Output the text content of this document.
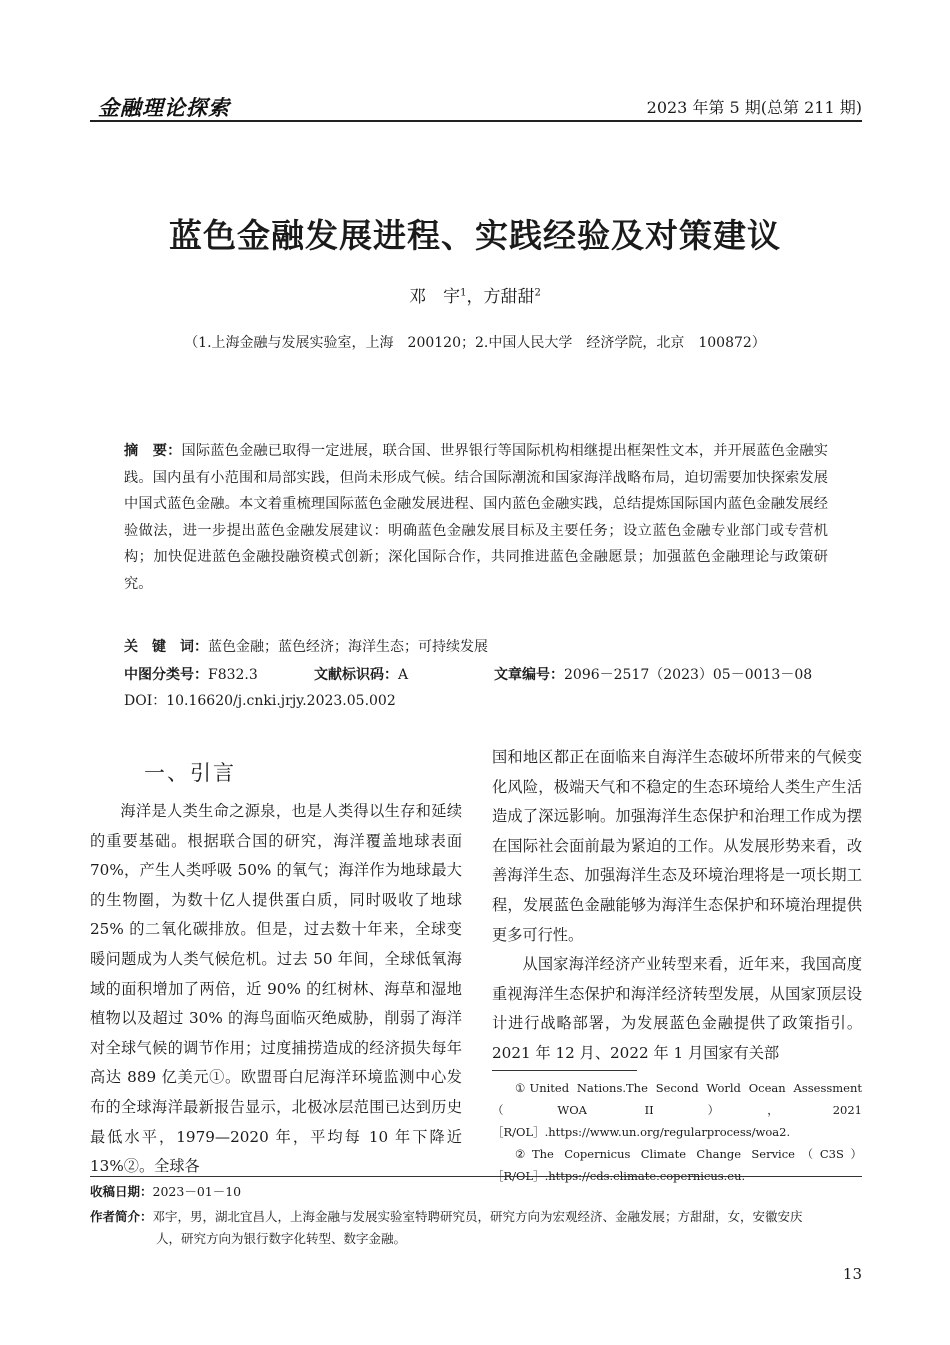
金融理论探索	2023 年第 5 期(总第 211 期)
蓝色金融发展进程、实践经验及对策建议
邓　宇$^1$，方甜甜$^2$
（1.上海金融与发展实验室，上海　200120；2.中国人民大学　经济学院，北京　100872）
摘　要：国际蓝色金融已取得一定进展，联合国、世界银行等国际机构相继提出框架性文本，并开展蓝色金融实践。国内虽有小范围和局部实践，但尚未形成气候。结合国际潮流和国家海洋战略布局，迫切需要加快探索发展中国式蓝色金融。本文着重梳理国际蓝色金融发展进程、国内蓝色金融实践，总结提炼国际国内蓝色金融发展经验做法，进一步提出蓝色金融发展建议：明确蓝色金融发展目标及主要任务；设立蓝色金融专业部门或专营机构；加快促进蓝色金融投融资模式创新；深化国际合作，共同推进蓝色金融愿景；加强蓝色金融理论与政策研究。
关　键　词：蓝色金融；蓝色经济；海洋生态；可持续发展
中图分类号：F832.3	文献标识码：A	文章编号：2096－2517（2023）05－0013－08
DOI：10.16620/j.cnki.jrjy.2023.05.002
一、引言
海洋是人类生命之源泉，也是人类得以生存和延续的重要基础。根据联合国的研究，海洋覆盖地球表面 70%，产生人类呼吸 50% 的氧气；海洋作为地球最大的生物圈，为数十亿人提供蛋白质，同时吸收了地球 25% 的二氧化碳排放。但是，过去数十年来，全球变暖问题成为人类气候危机。过去 50 年间，全球低氧海域的面积增加了两倍，近 90% 的红树林、海草和湿地植物以及超过 30% 的海鸟面临灭绝威胁，削弱了海洋对全球气候的调节作用；过度捕捞造成的经济损失每年高达 889 亿美元①。欧盟哥白尼海洋环境监测中心发布的全球海洋最新报告显示，北极冰层范围已达到历史最低水平，1979—2020 年，平均每 10 年下降近 13%②。全球各

国和地区都正在面临来自海洋生态破坏所带来的气候变化风险，极端天气和不稳定的生态环境给人类生产生活造成了深远影响。加强海洋生态保护和治理工作成为摆在国际社会面前最为紧迫的工作。从发展形势来看，改善海洋生态、加强海洋生态及环境治理将是一项长期工程，发展蓝色金融能够为海洋生态保护和环境治理提供更多可行性。

从国家海洋经济产业转型来看，近年来，我国高度重视海洋生态保护和海洋经济转型发展，从国家顶层设计进行战略部署，为发展蓝色金融提供了政策指引。2021 年 12 月、2022 年 1 月国家有关部

①United Nations.The Second World Ocean Assessment（WOA II），2021［R/OL］.https://www.un.org/regularprocess/woa2.

②The Copernicus Climate Change Service（C3S）［R/OL］.https://cds.climate.copernicus.eu.

收稿日期：2023－01－10
作者简介：邓宇，男，湖北宜昌人，上海金融与发展实验室特聘研究员，研究方向为宏观经济、金融发展；方甜甜，女，安徽安庆
人，研究方向为银行数字化转型、数字金融。
13
